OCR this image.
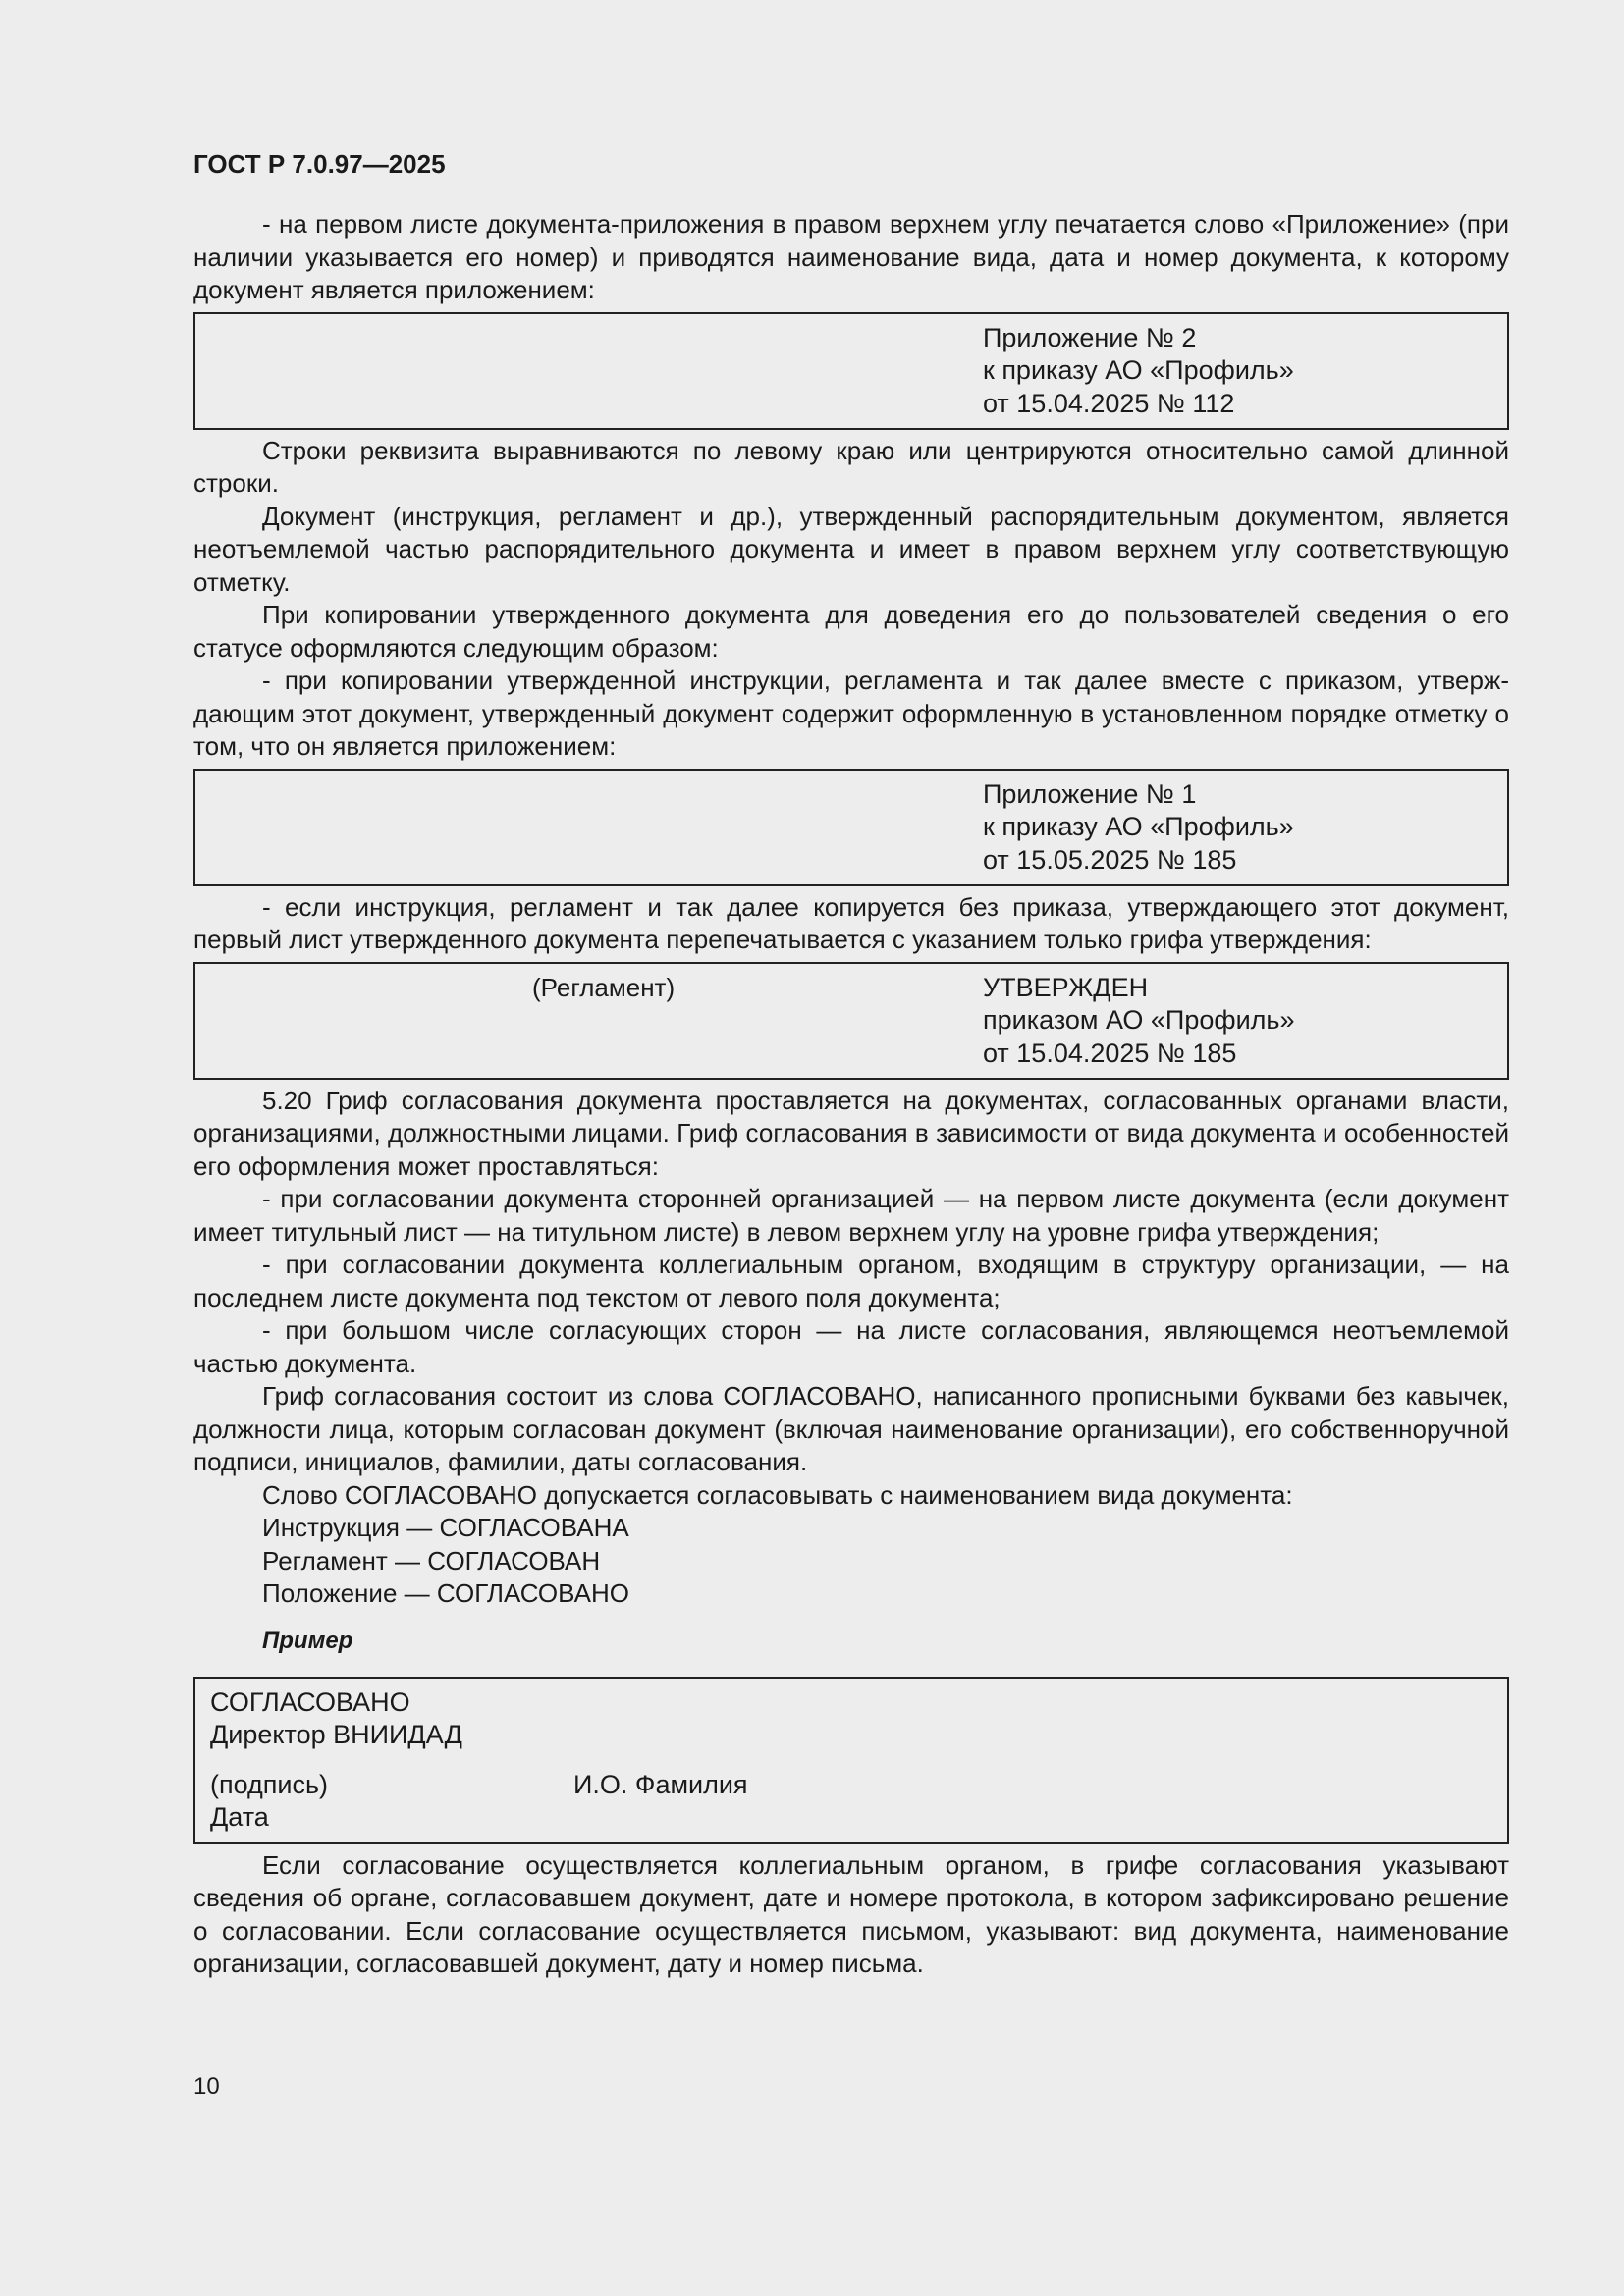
ГОСТ Р 7.0.97—2025

- на первом листе документа-приложения в правом верхнем углу печатается слово «Приложение» (при наличии указывается его номер) и приводятся наименование вида, дата и номер документа, к которому документ является приложением:

Приложение № 2
к приказу АО «Профиль»
от 15.04.2025 № 112

Строки реквизита выравниваются по левому краю или центрируются относительно самой длинной строки.

Документ (инструкция, регламент и др.), утвержденный распорядительным документом, является неотъемлемой частью распорядительного документа и имеет в правом верхнем углу соответствующую отметку.

При копировании утвержденного документа для доведения его до пользователей сведения о его статусе оформляются следующим образом:

- при копировании утвержденной инструкции, регламента и так далее вместе с приказом, утверждающим этот документ, утвержденный документ содержит оформленную в установленном порядке отметку о том, что он является приложением:

Приложение № 1
к приказу АО «Профиль»
от 15.05.2025 № 185

- если инструкция, регламент и так далее копируется без приказа, утверждающего этот документ, первый лист утвержденного документа перепечатывается с указанием только грифа утверждения:

(Регламент)	УТВЕРЖДЕН
приказом АО «Профиль»
от 15.04.2025 № 185

5.20 Гриф согласования документа проставляется на документах, согласованных органами власти, организациями, должностными лицами. Гриф согласования в зависимости от вида документа и особенностей его оформления может проставляться:

- при согласовании документа сторонней организацией — на первом листе документа (если документ имеет титульный лист — на титульном листе) в левом верхнем углу на уровне грифа утверждения;

- при согласовании документа коллегиальным органом, входящим в структуру организации, — на последнем листе документа под текстом от левого поля документа;

- при большом числе согласующих сторон — на листе согласования, являющемся неотъемлемой частью документа.

Гриф согласования состоит из слова СОГЛАСОВАНО, написанного прописными буквами без кавычек, должности лица, которым согласован документ (включая наименование организации), его собственноручной подписи, инициалов, фамилии, даты согласования.

Слово СОГЛАСОВАНО допускается согласовывать с наименованием вида документа:

Инструкция — СОГЛАСОВАНА
Регламент — СОГЛАСОВАН
Положение — СОГЛАСОВАНО
Пример
СОГЛАСОВАНО
Директор ВНИИДАД
(подпись)	И.О. Фамилия
Дата

Если согласование осуществляется коллегиальным органом, в грифе согласования указывают сведения об органе, согласовавшем документ, дате и номере протокола, в котором зафиксировано решение о согласовании. Если согласование осуществляется письмом, указывают: вид документа, наименование организации, согласовавшей документ, дату и номер письма.

10
